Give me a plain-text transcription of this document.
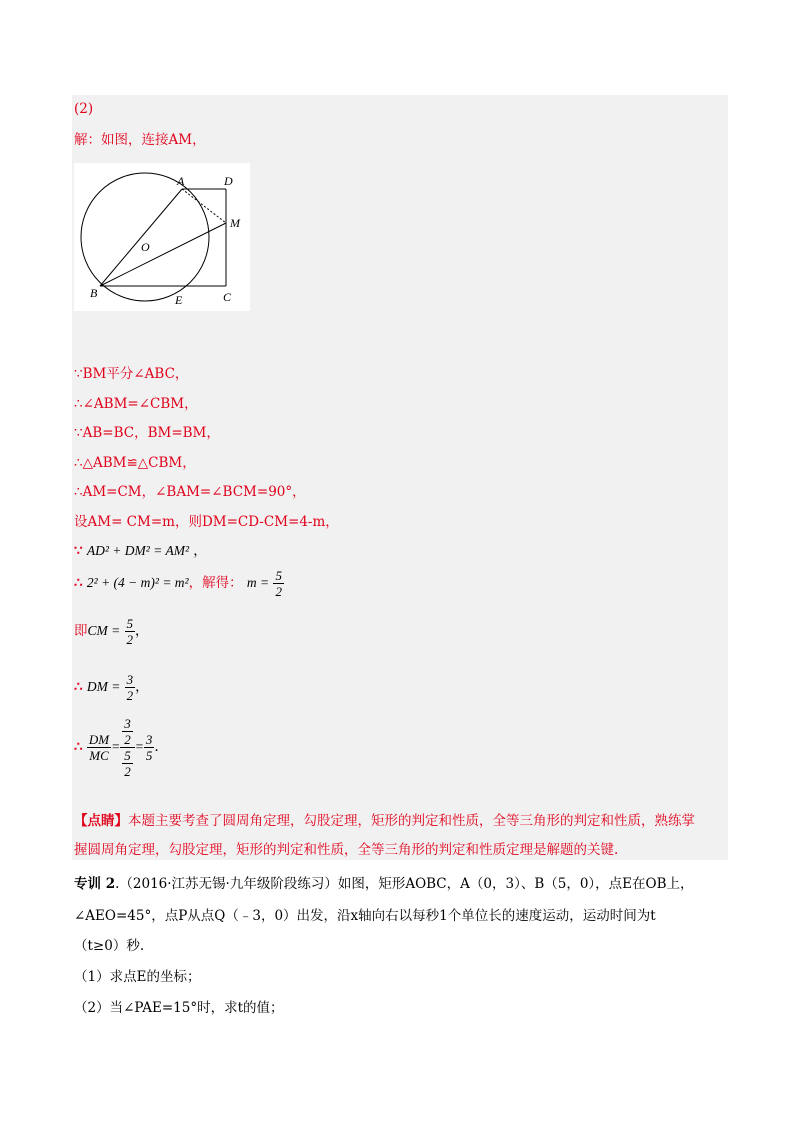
(2)
解：如图，连接AM，
A	D
M
O
B	E	C
∵BM平分∠ABC，
∴∠ABM=∠CBM，
∵AB=BC，BM=BM，
∴△ABM≌△CBM，
∴AM=CM，∠BAM=∠BCM=90°，
设AM= CM=m，则DM=CD-CM=4-m，
∵ AD² + DM² = AM² ，
∴ 2² + (4 − m)² = m²，解得： $m = \frac{5}{2}$
即CM = $\frac{5}{2}$ ，
∴ DM = $\frac{3}{2}$ ，
∴ $\frac{DM}{MC} = \frac{\frac{3}{2}}{\frac{5}{2}} = \frac{3}{5}$ .
【点睛】本题主要考查了圆周角定理，勾股定理，矩形的判定和性质，全等三角形的判定和性质，熟练掌
握圆周角定理，勾股定理，矩形的判定和性质，全等三角形的判定和性质定理是解题的关键.
专训 2.（2016·江苏无锡·九年级阶段练习）如图，矩形AOBC，A（0，3）、B（5，0），点E在OB上，
∠AEO=45°，点P从点Q（﹣3，0）出发，沿x轴向右以每秒1个单位长的速度运动，运动时间为t
（t≥0）秒.
（1）求点E的坐标；
（2）当∠PAE=15°时，求t的值；
